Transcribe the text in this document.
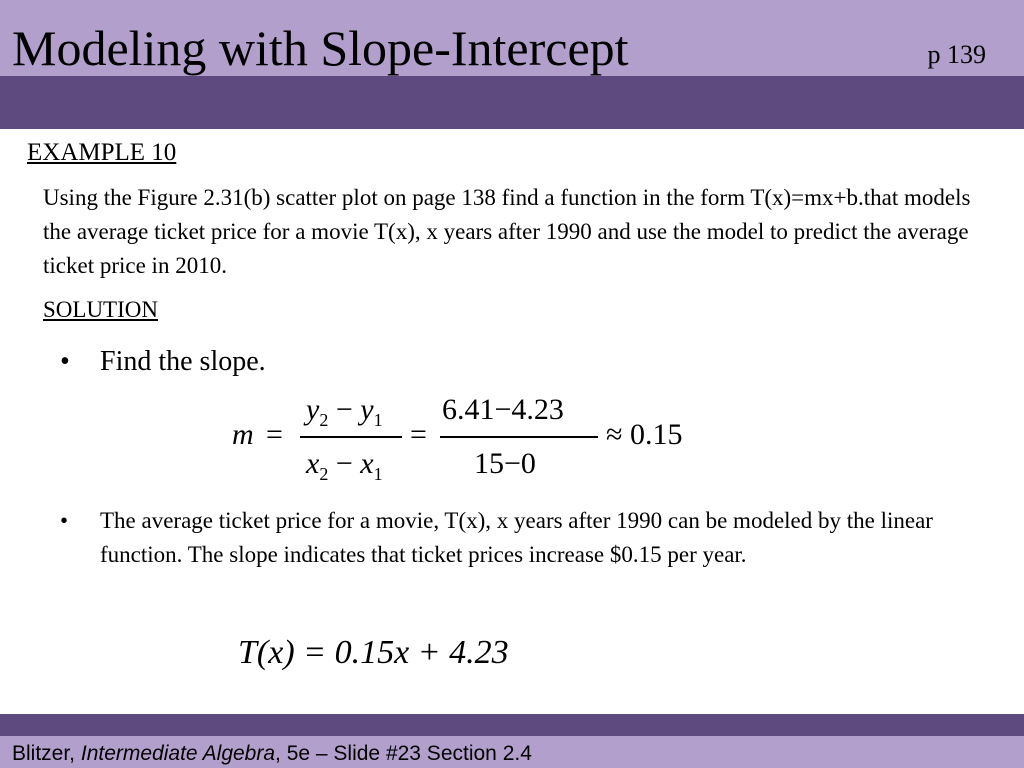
Modeling with Slope-Intercept	p 139
EXAMPLE 10
Using the Figure 2.31(b) scatter plot on page 138 find a function in the form T(x)=mx+b.that models the average ticket price for a movie T(x), x years after 1990 and use the model to predict the average ticket price in 2010.
SOLUTION
•	Find the slope.
m =
$y_2 - y_1$
$x_2 - x_1$
=
6.41−4.23
15−0
≈ 0.15
•	The average ticket price for a movie, T(x), x years after 1990 can be modeled by the linear function. The slope indicates that ticket prices increase $0.15 per year.
T(x) = 0.15x + 4.23
Blitzer, Intermediate Algebra, 5e – Slide #23 Section 2.4
